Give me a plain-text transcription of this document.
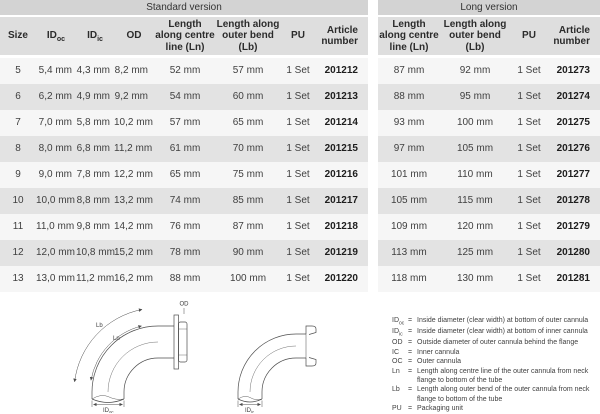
Standard version
Size $ID_{oc}$ $ID_{ic}$ OD
Length along centre line (Ln)
Length along outer bend (Lb)
PU
Article number
5	5,4 mm 4,3 mm 8,2 mm	52 mm	57 mm	1 Set	201212
6	6,2 mm 4,9 mm 9,2 mm	54 mm	60 mm	1 Set	201213
7	7,0 mm 5,8 mm 10,2 mm	57 mm	65 mm	1 Set	201214
8	8,0 mm 6,8 mm 11,2 mm	61 mm	70 mm	1 Set	201215
9	9,0 mm 7,8 mm 12,2 mm	65 mm	75 mm	1 Set	201216
10	10,0 mm 8,8 mm 13,2 mm	74 mm	85 mm	1 Set	201217
11	11,0 mm 9,8 mm 14,2 mm	76 mm	87 mm	1 Set	201218
12	12,0 mm 10,8 mm 15,2 mm	78 mm	90 mm	1 Set	201219
13	13,0 mm 11,2 mm 16,2 mm	88 mm	100 mm	1 Set	201220
Long version
Length along centre line (Ln)
Length along outer bend (Lb)
PU
Article number
87 mm	92 mm	1 Set	201273
88 mm	95 mm	1 Set	201274
93 mm	100 mm	1 Set	201275
97 mm	105 mm	1 Set	201276
101 mm	110 mm	1 Set	201277
105 mm	115 mm	1 Set	201278
109 mm	120 mm	1 Set	201279
113 mm	125 mm	1 Set	201280
118 mm	130 mm	1 Set	201281
OD
Lb
Ln
$ID_{oc}$	$ID_{ic}$
$ID_{oc}$ = Inside diameter (clear width) at bottom of outer cannula
$ID_{ic}$ = Inside diameter (clear width) at bottom of inner cannula
OD = Outside diameter of outer cannula behind the flange
IC	= Inner cannula
OC = Outer cannula
Ln	= Length along centre line of the outer cannula from neck flange to bottom of the tube
Lb	= Length along outer bend of the outer cannula from neck flange to bottom of the tube
PU = Packaging unit
